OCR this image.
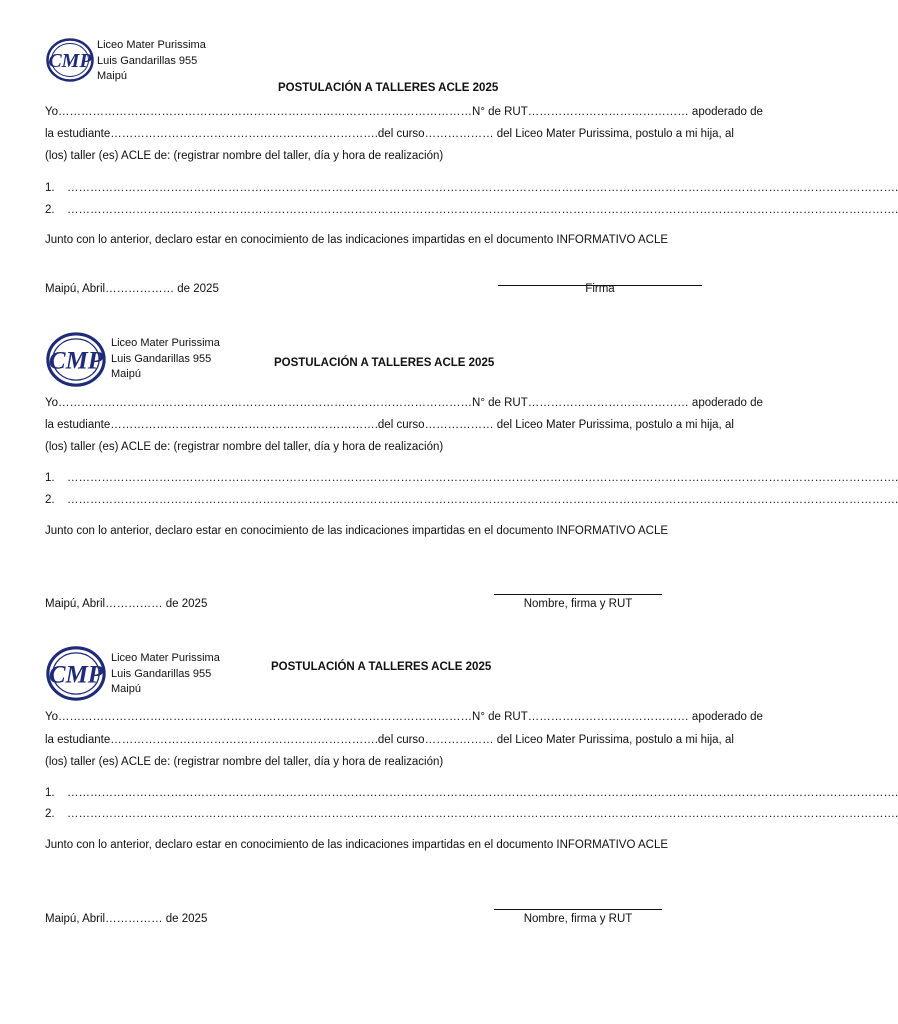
CMP
Liceo Mater Purissima
Luis Gandarillas 955
Maipú
POSTULACIÓN A TALLERES ACLE 2025
Yo………………………………………………………………………………………………N° de RUT…………………………………… apoderado de
la estudiante…………………………………………………………….del curso……………… del Liceo Mater Purissima, postulo a mi hija, al
(los) taller (es) ACLE de: (registrar nombre del taller, día y hora de realización)
1. ……………………………………………………………………………………………………………………………………………………………………………………………….
2. ……………………………………………………………………………………………………………………………………………………………………………………………….
Junto con lo anterior, declaro estar en conocimiento de las indicaciones impartidas en el documento INFORMATIVO ACLE
Maipú, Abril……………… de 2025	Firma
CMP
Liceo Mater Purissima
Luis Gandarillas 955
Maipú
POSTULACIÓN A TALLERES ACLE 2025
Yo………………………………………………………………………………………………N° de RUT…………………………………… apoderado de
la estudiante…………………………………………………………….del curso……………… del Liceo Mater Purissima, postulo a mi hija, al
(los) taller (es) ACLE de: (registrar nombre del taller, día y hora de realización)
1. ……………………………………………………………………………………………………………………………………………………………………………………………….
2. ……………………………………………………………………………………………………………………………………………………………………………………………….
Junto con lo anterior, declaro estar en conocimiento de las indicaciones impartidas en el documento INFORMATIVO ACLE
Maipú, Abril…………… de 2025	Nombre, firma y RUT
CMP
Liceo Mater Purissima
Luis Gandarillas 955
Maipú
POSTULACIÓN A TALLERES ACLE 2025
Yo………………………………………………………………………………………………N° de RUT…………………………………… apoderado de
la estudiante…………………………………………………………….del curso……………… del Liceo Mater Purissima, postulo a mi hija, al
(los) taller (es) ACLE de: (registrar nombre del taller, día y hora de realización)
1. ……………………………………………………………………………………………………………………………………………………………………………………………….
2. ……………………………………………………………………………………………………………………………………………………………………………………………….
Junto con lo anterior, declaro estar en conocimiento de las indicaciones impartidas en el documento INFORMATIVO ACLE
Maipú, Abril…………… de 2025	Nombre, firma y RUT
